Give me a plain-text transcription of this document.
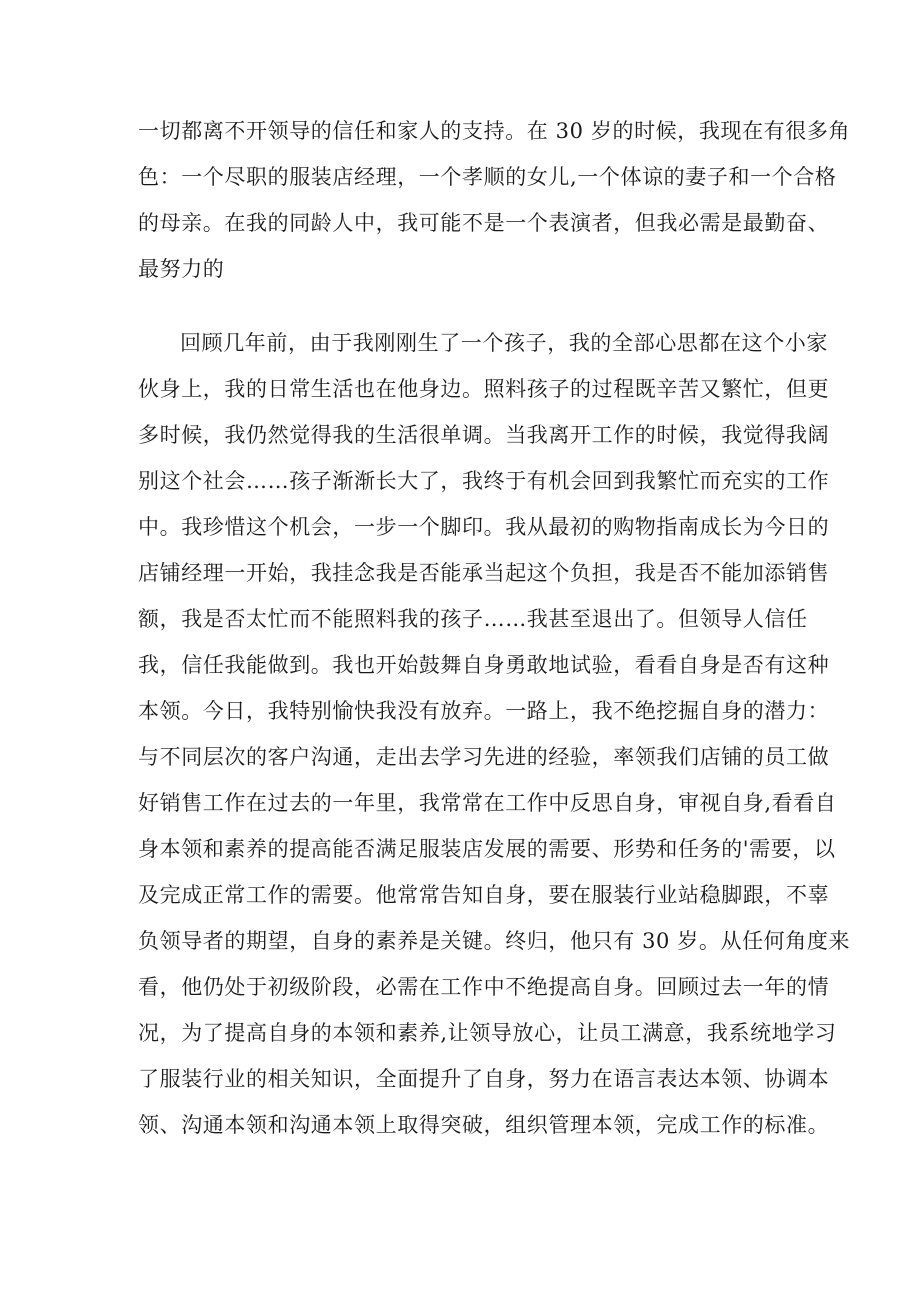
一切都离不开领导的信任和家人的支持。在 30 岁的时候，我现在有很多角
色：一个尽职的服装店经理，一个孝顺的女儿,一个体谅的妻子和一个合格
的母亲。在我的同龄人中，我可能不是一个表演者，但我必需是最勤奋、
最努力的
回顾几年前，由于我刚刚生了一个孩子，我的全部心思都在这个小家
伙身上，我的日常生活也在他身边。照料孩子的过程既辛苦又繁忙，但更
多时候，我仍然觉得我的生活很单调。当我离开工作的时候，我觉得我阔
别这个社会……孩子渐渐长大了，我终于有机会回到我繁忙而充实的工作
中。我珍惜这个机会，一步一个脚印。我从最初的购物指南成长为今日的
店铺经理一开始，我挂念我是否能承当起这个负担，我是否不能加添销售
额，我是否太忙而不能照料我的孩子……我甚至退出了。但领导人信任
我，信任我能做到。我也开始鼓舞自身勇敢地试验，看看自身是否有这种
本领。今日，我特别愉快我没有放弃。一路上，我不绝挖掘自身的潜力：
与不同层次的客户沟通，走出去学习先进的经验，率领我们店铺的员工做
好销售工作在过去的一年里，我常常在工作中反思自身，审视自身,看看自
身本领和素养的提高能否满足服装店发展的需要、形势和任务的'需要，以
及完成正常工作的需要。他常常告知自身，要在服装行业站稳脚跟，不辜
负领导者的期望，自身的素养是关键。终归，他只有 30 岁。从任何角度来
看，他仍处于初级阶段，必需在工作中不绝提高自身。回顾过去一年的情
况，为了提高自身的本领和素养,让领导放心，让员工满意，我系统地学习
了服装行业的相关知识，全面提升了自身，努力在语言表达本领、协调本
领、沟通本领和沟通本领上取得突破，组织管理本领，完成工作的标准。
